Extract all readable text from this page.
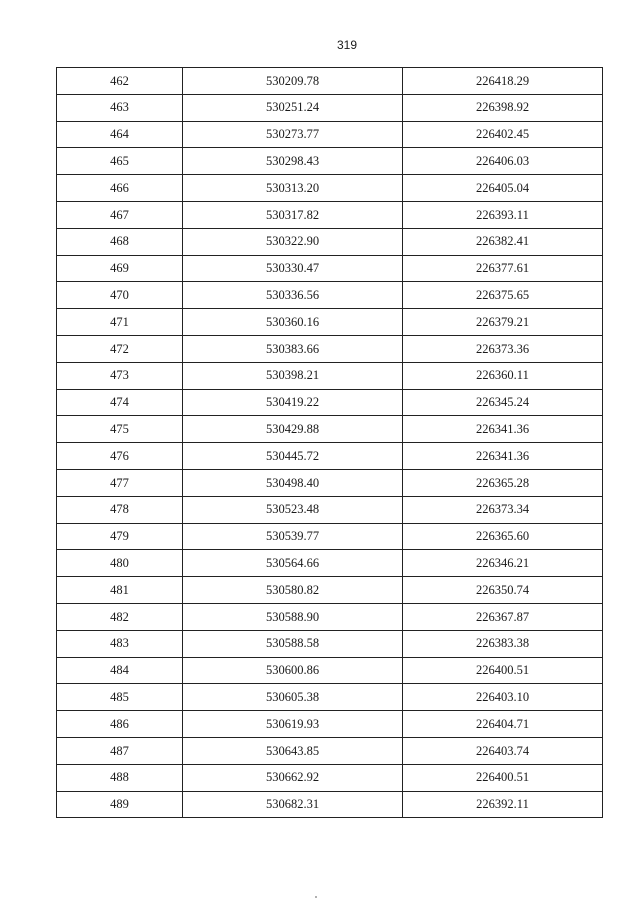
319
462	530209.78	226418.29
463	530251.24	226398.92
464	530273.77	226402.45
465	530298.43	226406.03
466	530313.20	226405.04
467	530317.82	226393.11
468	530322.90	226382.41
469	530330.47	226377.61
470	530336.56	226375.65
471	530360.16	226379.21
472	530383.66	226373.36
473	530398.21	226360.11
474	530419.22	226345.24
475	530429.88	226341.36
476	530445.72	226341.36
477	530498.40	226365.28
478	530523.48	226373.34
479	530539.77	226365.60
480	530564.66	226346.21
481	530580.82	226350.74
482	530588.90	226367.87
483	530588.58	226383.38
484	530600.86	226400.51
485	530605.38	226403.10
486	530619.93	226404.71
487	530643.85	226403.74
488	530662.92	226400.51
489	530682.31	226392.11
